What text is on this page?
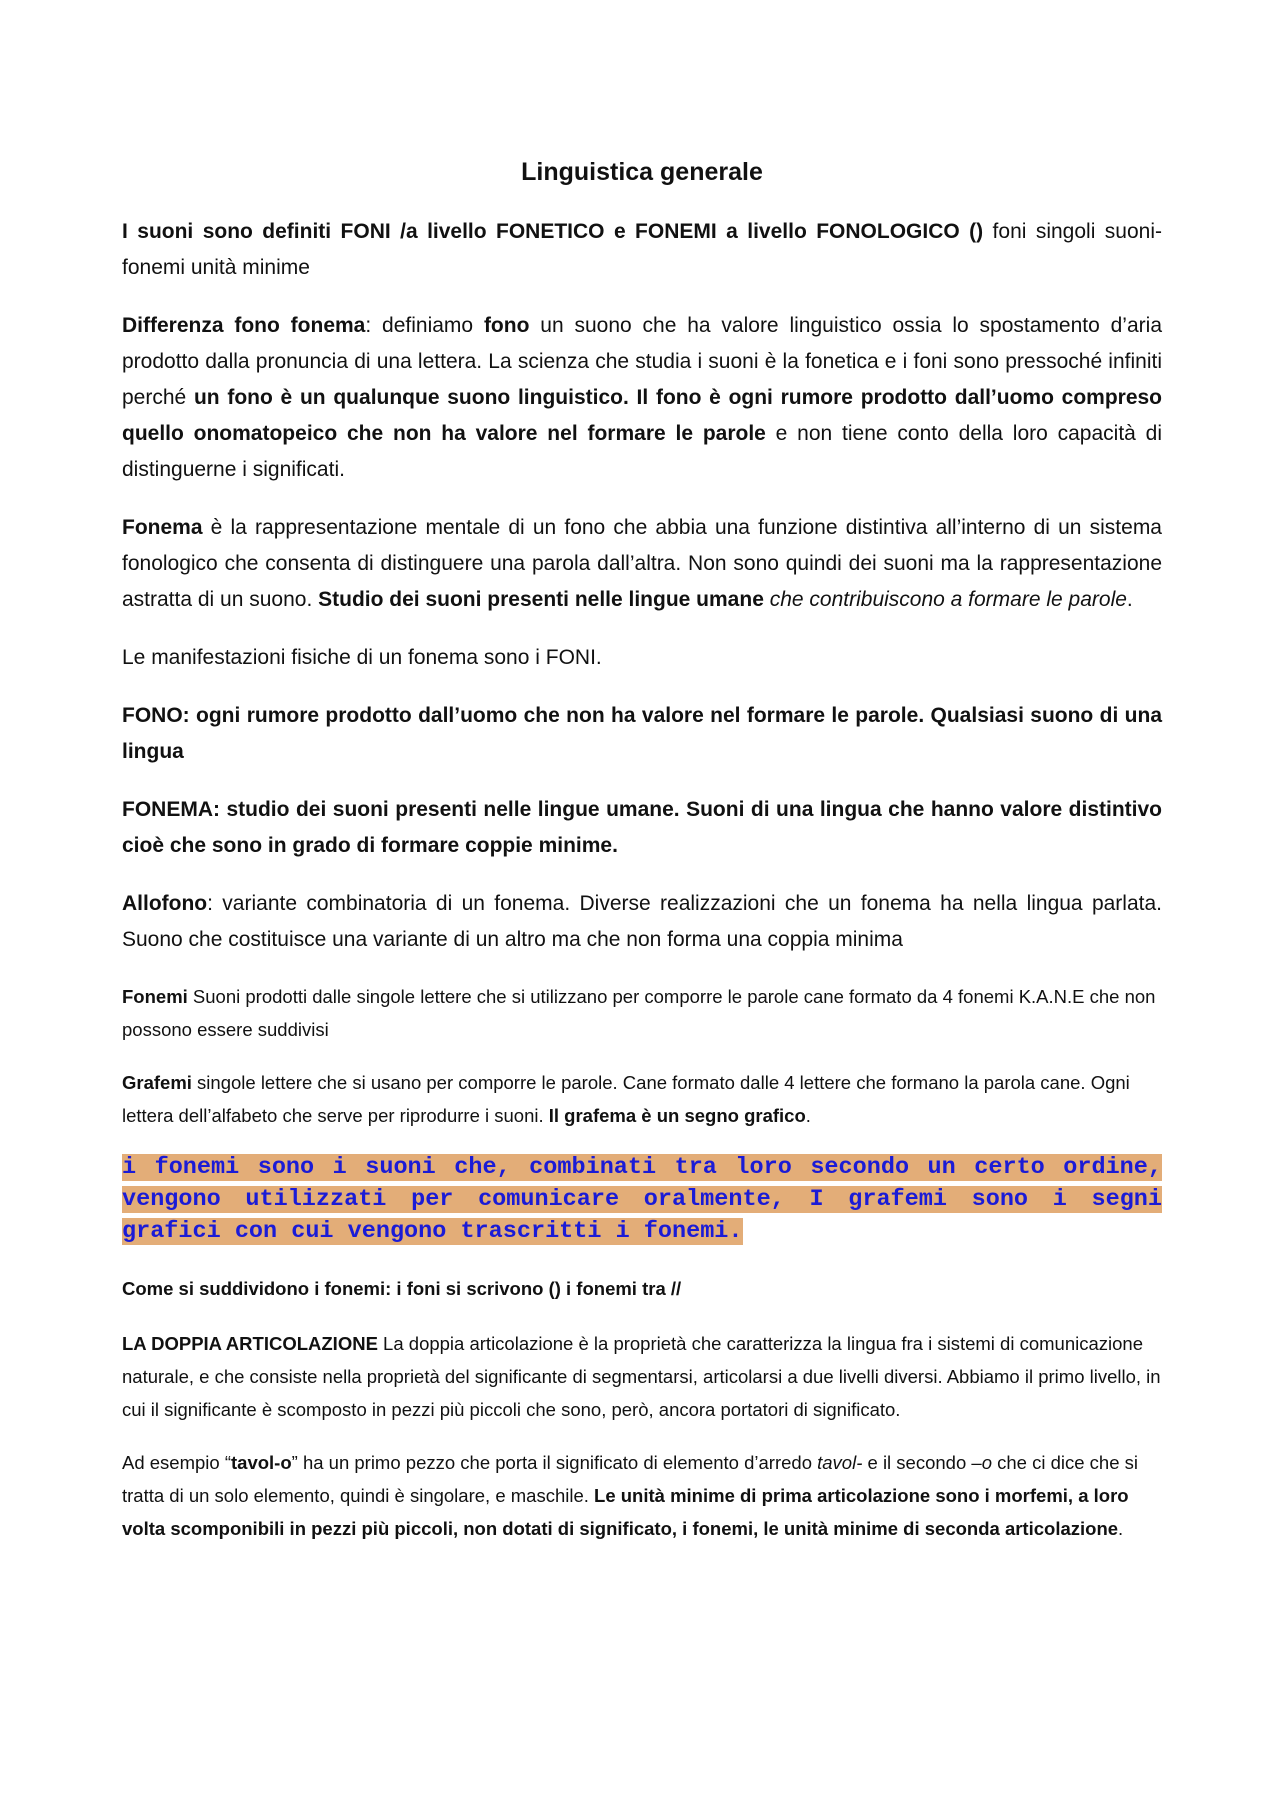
Linguistica generale

I suoni sono definiti FONI /a livello FONETICO e FONEMI a livello FONOLOGICO () foni singoli suoni- fonemi unità minime

Differenza fono fonema: definiamo fono un suono che ha valore linguistico ossia lo spostamento d’aria prodotto dalla pronuncia di una lettera. La scienza che studia i suoni è la fonetica e i foni sono pressoché infiniti perché un fono è un qualunque suono linguistico. Il fono è ogni rumore prodotto dall’uomo compreso quello onomatopeico che non ha valore nel formare le parole e non tiene conto della loro capacità di distinguerne i significati.

Fonema è la rappresentazione mentale di un fono che abbia una funzione distintiva all’interno di un sistema fonologico che consenta di distinguere una parola dall’altra. Non sono quindi dei suoni ma la rappresentazione astratta di un suono. Studio dei suoni presenti nelle lingue umane che contribuiscono a formare le parole.

Le manifestazioni fisiche di un fonema sono i FONI.

FONO: ogni rumore prodotto dall’uomo che non ha valore nel formare le parole. Qualsiasi suono di una lingua

FONEMA: studio dei suoni presenti nelle lingue umane. Suoni di una lingua che hanno valore distintivo cioè che sono in grado di formare coppie minime.

Allofono: variante combinatoria di un fonema. Diverse realizzazioni che un fonema ha nella lingua parlata. Suono che costituisce una variante di un altro ma che non forma una coppia minima

Fonemi Suoni prodotti dalle singole lettere che si utilizzano per comporre le parole cane formato da 4 fonemi K.A.N.E che non possono essere suddivisi

Grafemi singole lettere che si usano per comporre le parole. Cane formato dalle 4 lettere che formano la parola cane. Ogni lettera dell’alfabeto che serve per riprodurre i suoni. Il grafema è un segno grafico.

i fonemi sono i suoni che, combinati tra loro secondo un certo ordine, vengono utilizzati per comunicare oralmente, I grafemi sono i segni grafici con cui vengono trascritti i fonemi.

Come si suddividono i fonemi: i foni si scrivono () i fonemi tra //

LA DOPPIA ARTICOLAZIONE La doppia articolazione è la proprietà che caratterizza la lingua fra i sistemi di comunicazione naturale, e che consiste nella proprietà del significante di segmentarsi, articolarsi a due livelli diversi. Abbiamo il primo livello, in cui il significante è scomposto in pezzi più piccoli che sono, però, ancora portatori di significato.

Ad esempio “tavol-o” ha un primo pezzo che porta il significato di elemento d’arredo tavol- e il secondo –o che ci dice che si tratta di un solo elemento, quindi è singolare, e maschile. Le unità minime di prima articolazione sono i morfemi, a loro volta scomponibili in pezzi più piccoli, non dotati di significato, i fonemi, le unità minime di seconda articolazione.
